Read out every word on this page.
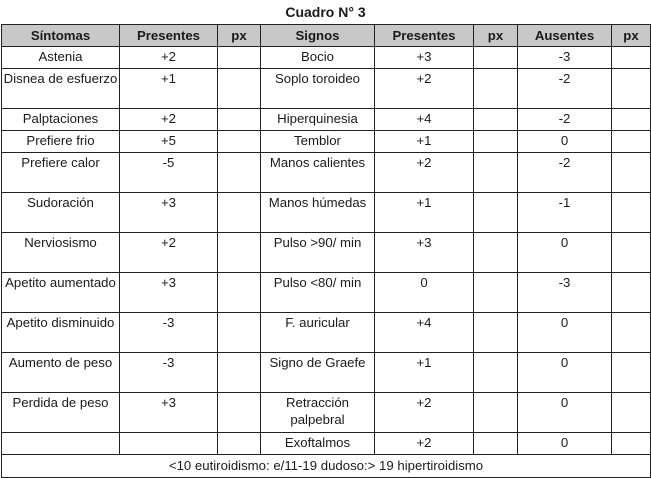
Cuadro N° 3
Síntomas	Presentes	px	Signos	Presentes	px	Ausentes	px
Astenia	+2		Bocio	+3		-3	
Disnea de esfuerzo	+1		Soplo toroideo	+2		-2	
Palptaciones	+2		Hiperquinesia	+4		-2	
Prefiere frio	+5		Temblor	+1		0	
Prefiere calor	-5		Manos calientes	+2		-2	
Sudoración	+3		Manos húmedas	+1		-1	
Nerviosismo	+2		Pulso >90/ min	+3		0	
Apetito aumentado	+3		Pulso <80/ min	0		-3	
Apetito disminuido	-3		F. auricular	+4		0	
Aumento de peso	-3		Signo de Graefe	+1		0	
Perdida de peso	+3		Retracción palpebral	+2		0	
			Exoftalmos	+2		0	
<10 eutiroidismo: e/11-19 dudoso:> 19 hipertiroidismo							
